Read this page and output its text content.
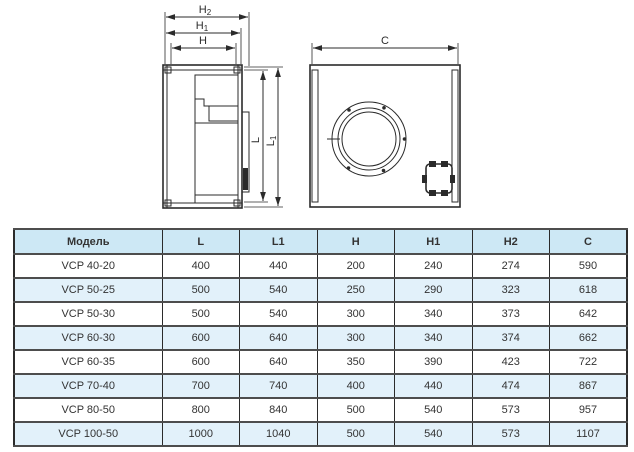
H2
H1
H
L
L1
C
Модель	L	L1	H	H1	H2	C
VCP 40-20	400	440	200	240	274	590
VCP 50-25	500	540	250	290	323	618
VCP 50-30	500	540	300	340	373	642
VCP 60-30	600	640	300	340	374	662
VCP 60-35	600	640	350	390	423	722
VCP 70-40	700	740	400	440	474	867
VCP 80-50	800	840	500	540	573	957
VCP 100-50	1000	1040	500	540	573	1107
